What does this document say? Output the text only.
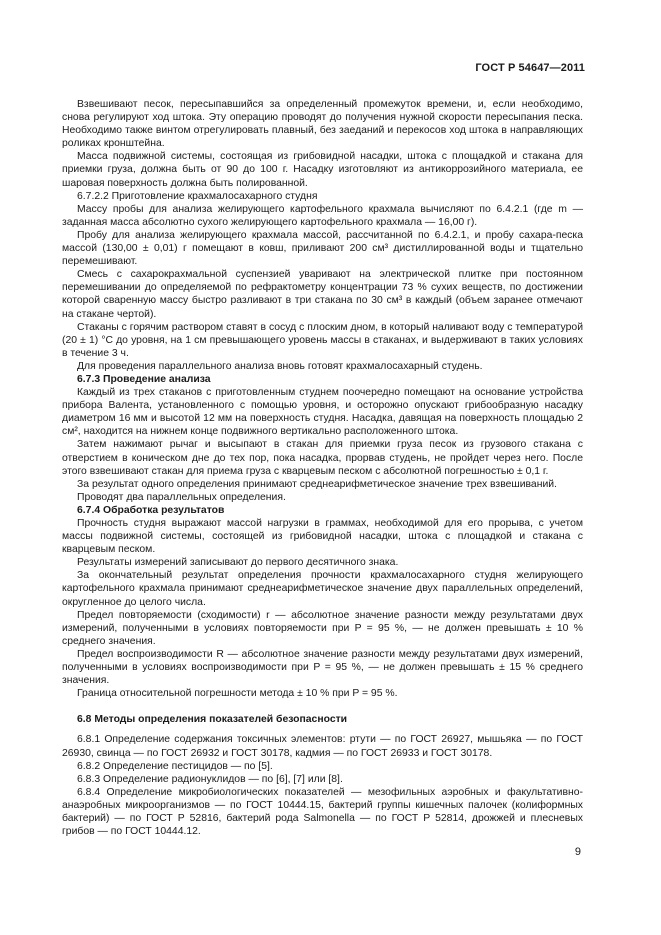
ГОСТ Р 54647—2011

Взвешивают песок, пересыпавшийся за определенный промежуток времени, и, если необходимо, снова регулируют ход штока. Эту операцию проводят до получения нужной скорости пересыпания песка. Необходимо также винтом отрегулировать плавный, без заеданий и перекосов ход штока в направляющих роликах кронштейна.

Масса подвижной системы, состоящая из грибовидной насадки, штока с площадкой и стакана для приемки груза, должна быть от 90 до 100 г. Насадку изготовляют из антикоррозийного материала, ее шаровая поверхность должна быть полированной.

6.7.2.2 Приготовление крахмалосахарного студня

Массу пробы для анализа желирующего картофельного крахмала вычисляют по 6.4.2.1 (где m — заданная масса абсолютно сухого желирующего картофельного крахмала — 16,00 г).

Пробу для анализа желирующего крахмала массой, рассчитанной по 6.4.2.1, и пробу сахара-песка массой (130,00 ± 0,01) г помещают в ковш, приливают 200 см³ дистиллированной воды и тщательно перемешивают.

Смесь с сахарокрахмальной суспензией уваривают на электрической плитке при постоянном перемешивании до определяемой по рефрактометру концентрации 73 % сухих веществ, по достижении которой сваренную массу быстро разливают в три стакана по 30 см³ в каждый (объем заранее отмечают на стакане чертой).

Стаканы с горячим раствором ставят в сосуд с плоским дном, в который наливают воду с температурой (20 ± 1) °С до уровня, на 1 см превышающего уровень массы в стаканах, и выдерживают в таких условиях в течение 3 ч.

Для проведения параллельного анализа вновь готовят крахмалосахарный студень.

6.7.3 Проведение анализа

Каждый из трех стаканов с приготовленным студнем поочередно помещают на основание устройства прибора Валента, установленного с помощью уровня, и осторожно опускают грибообразную насадку диаметром 16 мм и высотой 12 мм на поверхность студня. Насадка, давящая на поверхность площадью 2 см², находится на нижнем конце подвижного вертикально расположенного штока.

Затем нажимают рычаг и высыпают в стакан для приемки груза песок из грузового стакана с отверстием в коническом дне до тех пор, пока насадка, прорвав студень, не пройдет через него. После этого взвешивают стакан для приема груза с кварцевым песком с абсолютной погрешностью ± 0,1 г.

За результат одного определения принимают среднеарифметическое значение трех взвешиваний.

Проводят два параллельных определения.

6.7.4 Обработка результатов

Прочность студня выражают массой нагрузки в граммах, необходимой для его прорыва, с учетом массы подвижной системы, состоящей из грибовидной насадки, штока с площадкой и стакана с кварцевым песком.

Результаты измерений записывают до первого десятичного знака.

За окончательный результат определения прочности крахмалосахарного студня желирующего картофельного крахмала принимают среднеарифметическое значение двух параллельных определений, округленное до целого числа.

Предел повторяемости (сходимости) r — абсолютное значение разности между результатами двух измерений, полученными в условиях повторяемости при P = 95 %, — не должен превышать ± 10 % среднего значения.

Предел воспроизводимости R — абсолютное значение разности между результатами двух измерений, полученными в условиях воспроизводимости при P = 95 %, — не должен превышать ± 15 % среднего значения.

Граница относительной погрешности метода ± 10 % при P = 95 %.

6.8 Методы определения показателей безопасности

6.8.1 Определение содержания токсичных элементов: ртути — по ГОСТ 26927, мышьяка — по ГОСТ 26930, свинца — по ГОСТ 26932 и ГОСТ 30178, кадмия — по ГОСТ 26933 и ГОСТ 30178.

6.8.2 Определение пестицидов — по [5].

6.8.3 Определение радионуклидов — по [6], [7] или [8].

6.8.4 Определение микробиологических показателей — мезофильных аэробных и факультативно-анаэробных микроорганизмов — по ГОСТ 10444.15, бактерий группы кишечных палочек (колиформных бактерий) — по ГОСТ Р 52816, бактерий рода Salmonella — по ГОСТ Р 52814, дрожжей и плесневых грибов — по ГОСТ 10444.12.

9
